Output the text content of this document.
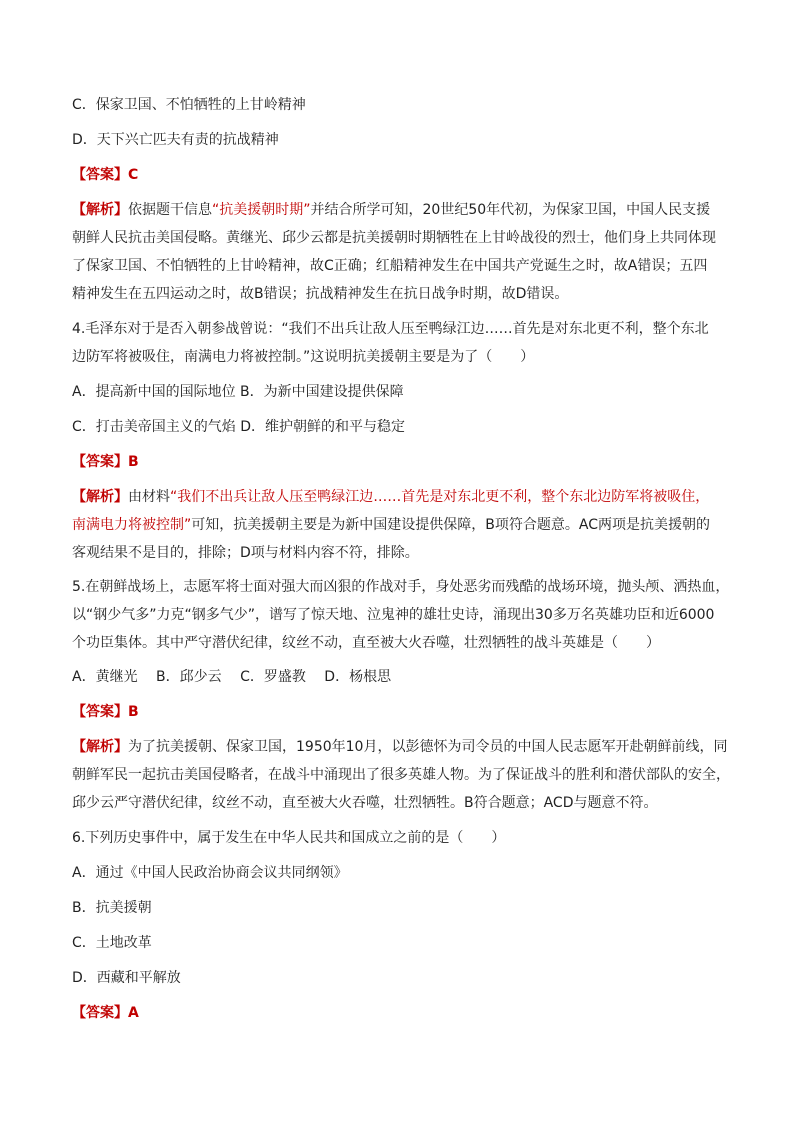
C．保家卫国、不怕牺牲的上甘岭精神
D．天下兴亡匹夫有责的抗战精神
【答案】C
【解析】依据题干信息“抗美援朝时期”并结合所学可知，20世纪50年代初，为保家卫国，中国人民支援
朝鲜人民抗击美国侵略。黄继光、邱少云都是抗美援朝时期牺牲在上甘岭战役的烈士，他们身上共同体现
了保家卫国、不怕牺牲的上甘岭精神，故C正确；红船精神发生在中国共产党诞生之时，故A错误；五四
精神发生在五四运动之时，故B错误；抗战精神发生在抗日战争时期，故D错误。
4.毛泽东对于是否入朝参战曾说：“我们不出兵让敌人压至鸭绿江边……首先是对东北更不利，整个东北
边防军将被吸住，南满电力将被控制。”这说明抗美援朝主要是为了（　　）
A．提高新中国的国际地位 B．为新中国建设提供保障
C．打击美帝国主义的气焰 D．维护朝鲜的和平与稳定
【答案】B
【解析】由材料“我们不出兵让敌人压至鸭绿江边……首先是对东北更不利，整个东北边防军将被吸住，
南满电力将被控制”可知，抗美援朝主要是为新中国建设提供保障，B项符合题意。AC两项是抗美援朝的
客观结果不是目的，排除；D项与材料内容不符，排除。
5.在朝鲜战场上，志愿军将士面对强大而凶狠的作战对手，身处恶劣而残酷的战场环境，抛头颅、洒热血，
以“钢少气多”力克“钢多气少”，谱写了惊天地、泣鬼神的雄壮史诗，涌现出30多万名英雄功臣和近6000
个功臣集体。其中严守潜伏纪律，纹丝不动，直至被大火吞噬，壮烈牺牲的战斗英雄是（　　）
A．黄继光　 B．邱少云　 C．罗盛教　 D．杨根思
【答案】B
【解析】为了抗美援朝、保家卫国，1950年10月，以彭德怀为司令员的中国人民志愿军开赴朝鲜前线，同
朝鲜军民一起抗击美国侵略者，在战斗中涌现出了很多英雄人物。为了保证战斗的胜利和潜伏部队的安全，
邱少云严守潜伏纪律，纹丝不动，直至被大火吞噬，壮烈牺牲。B符合题意；ACD与题意不符。
6.下列历史事件中，属于发生在中华人民共和国成立之前的是（　　）
A．通过《中国人民政治协商会议共同纲领》
B．抗美援朝
C．土地改革
D．西藏和平解放
【答案】A
